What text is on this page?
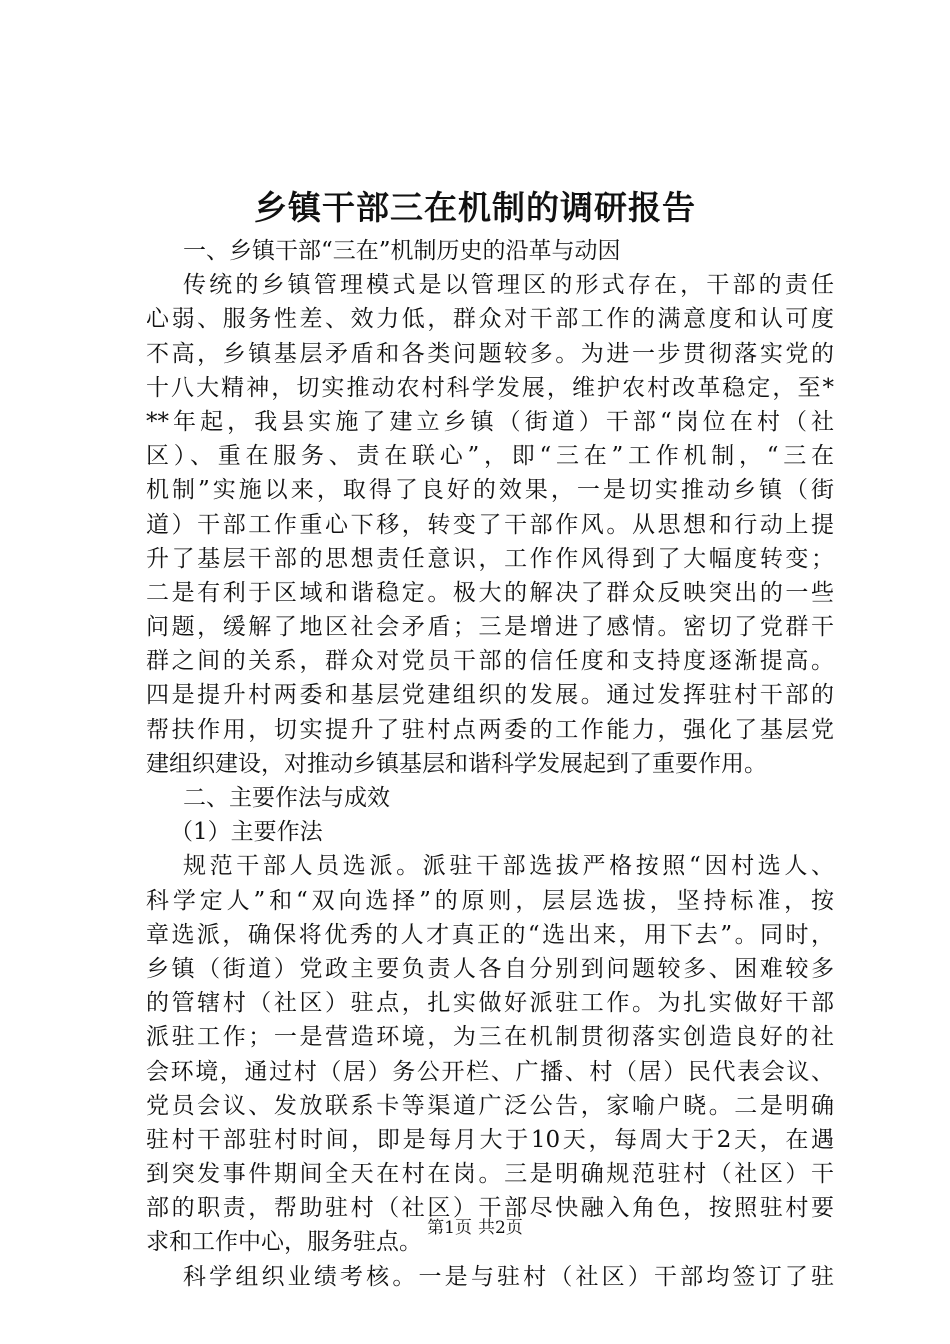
乡镇干部三在机制的调研报告
一、乡镇干部“三在”机制历史的沿革与动因
传统的乡镇管理模式是以管理区的形式存在，干部的责任
心弱、服务性差、效力低，群众对干部工作的满意度和认可度
不高，乡镇基层矛盾和各类问题较多。为进一步贯彻落实党的
十八大精神，切实推动农村科学发展，维护农村改革稳定，至*
**年起，我县实施了建立乡镇（街道）干部“岗位在村（社
区）、重在服务、责在联心”，即“三在”工作机制，“三在
机制”实施以来，取得了良好的效果，一是切实推动乡镇（街
道）干部工作重心下移，转变了干部作风。从思想和行动上提
升了基层干部的思想责任意识，工作作风得到了大幅度转变；
二是有利于区域和谐稳定。极大的解决了群众反映突出的一些
问题，缓解了地区社会矛盾；三是增进了感情。密切了党群干
群之间的关系，群众对党员干部的信任度和支持度逐渐提高。
四是提升村两委和基层党建组织的发展。通过发挥驻村干部的
帮扶作用，切实提升了驻村点两委的工作能力，强化了基层党
建组织建设，对推动乡镇基层和谐科学发展起到了重要作用。
二、主要作法与成效
（1）主要作法
规范干部人员选派。派驻干部选拔严格按照“因村选人、
科学定人”和“双向选择”的原则，层层选拔，坚持标准，按
章选派，确保将优秀的人才真正的“选出来，用下去”。同时，
乡镇（街道）党政主要负责人各自分别到问题较多、困难较多
的管辖村（社区）驻点，扎实做好派驻工作。为扎实做好干部
派驻工作；一是营造环境，为三在机制贯彻落实创造良好的社
会环境，通过村（居）务公开栏、广播、村（居）民代表会议、
党员会议、发放联系卡等渠道广泛公告，家喻户晓。二是明确
驻村干部驻村时间，即是每月大于10天，每周大于2天，在遇
到突发事件期间全天在村在岗。三是明确规范驻村（社区）干
部的职责，帮助驻村（社区）干部尽快融入角色，按照驻村要
求和工作中心，服务驻点。
科学组织业绩考核。一是与驻村（社区）干部均签订了驻
第1页 共2页
